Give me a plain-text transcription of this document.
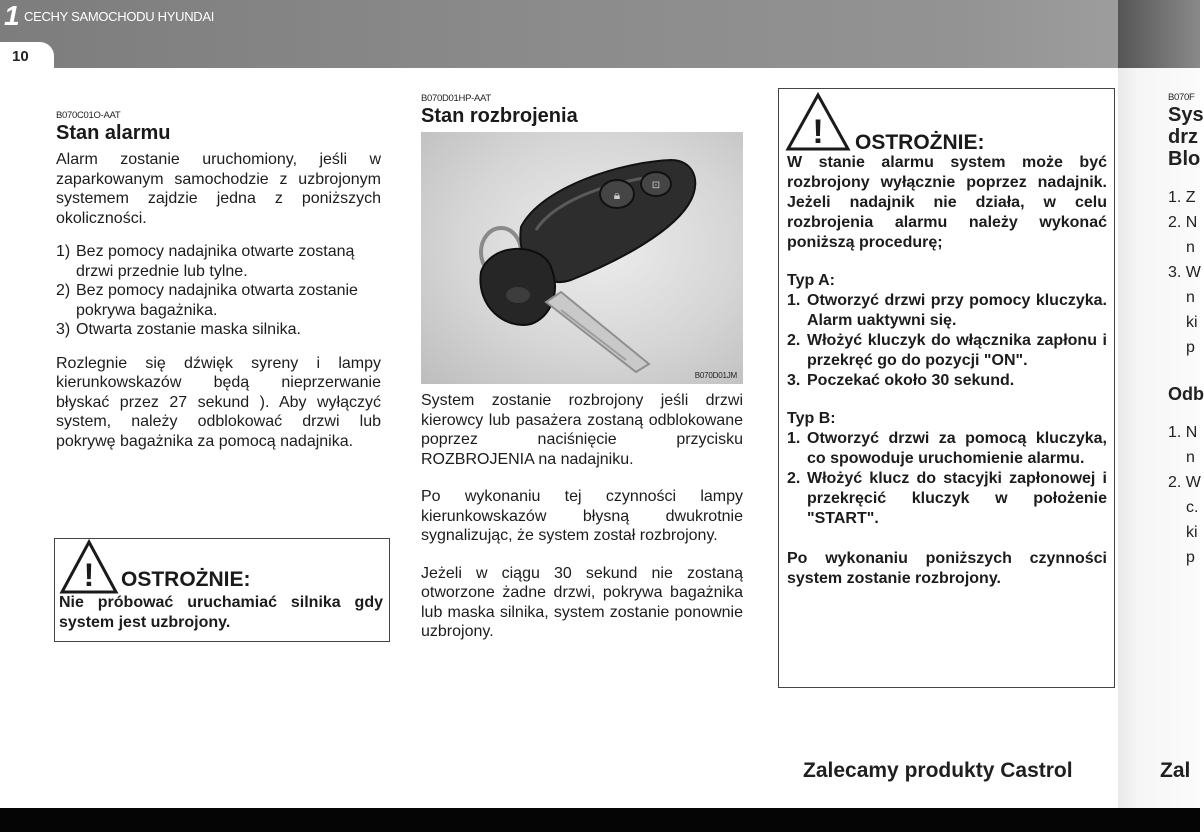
1 CECHY SAMOCHODU HYUNDAI
10
B070C01O-AAT
Stan alarmu

Alarm zostanie uruchomiony, jeśli w zaparkowanym samochodzie z uzbrojonym systemem zajdzie jedna z poniższych okoliczności.

1) Bez pomocy nadajnika otwarte zostaną drzwi przednie lub tylne.
2) Bez pomocy nadajnika otwarta zostanie pokrywa bagażnika.
3) Otwarta zostanie maska silnika.

Rozlegnie się dźwięk syreny i lampy kierunkowskazów będą nieprzerwanie błyskać przez 27 sekund ). Aby wyłączyć system, należy odblokować drzwi lub pokrywę bagażnika za pomocą nadajnika.

! OSTROŻNIE:
Nie próbować uruchamiać silnika gdy system jest uzbrojony.
B070D01HP-AAT
Stan rozbrojenia
🔒︎
⊡
B070D01JM

System zostanie rozbrojony jeśli drzwi kierowcy lub pasażera zostaną odblokowane poprzez naciśnięcie przycisku ROZBROJENIA na nadajniku.

Po wykonaniu tej czynności lampy kierunkowskazów błysną dwukrotnie sygnalizując, że system został rozbrojony.

Jeżeli w ciągu 30 sekund nie zostaną otworzone żadne drzwi, pokrywa bagażnika lub maska silnika, system zostanie ponownie uzbrojony.

! OSTROŻNIE:

W stanie alarmu system może być rozbrojony wyłącznie poprzez nadajnik. Jeżeli nadajnik nie działa, w celu rozbrojenia alarmu należy wykonać poniższą procedurę;

Typ A:
1. Otworzyć drzwi przy pomocy kluczyka. Alarm uaktywni się.
2. Włożyć kluczyk do włącznika zapłonu i przekręć go do pozycji "ON".
3. Poczekać około 30 sekund.
Typ B:
1. Otworzyć drzwi za pomocą kluczyka, co spowoduje uruchomienie alarmu.
2. Włożyć klucz do stacyjki zapłonowej i przekręcić kluczyk w położenie "START".

Po wykonaniu poniższych czynności system zostanie rozbrojony.

B070F
Sys
drz
Blo
1. Z
2. N
n
3. W
n
ki
p
Odb
1. N
n
2. W
c.
ki
p
Zalecamy produkty Castrol	Zal
